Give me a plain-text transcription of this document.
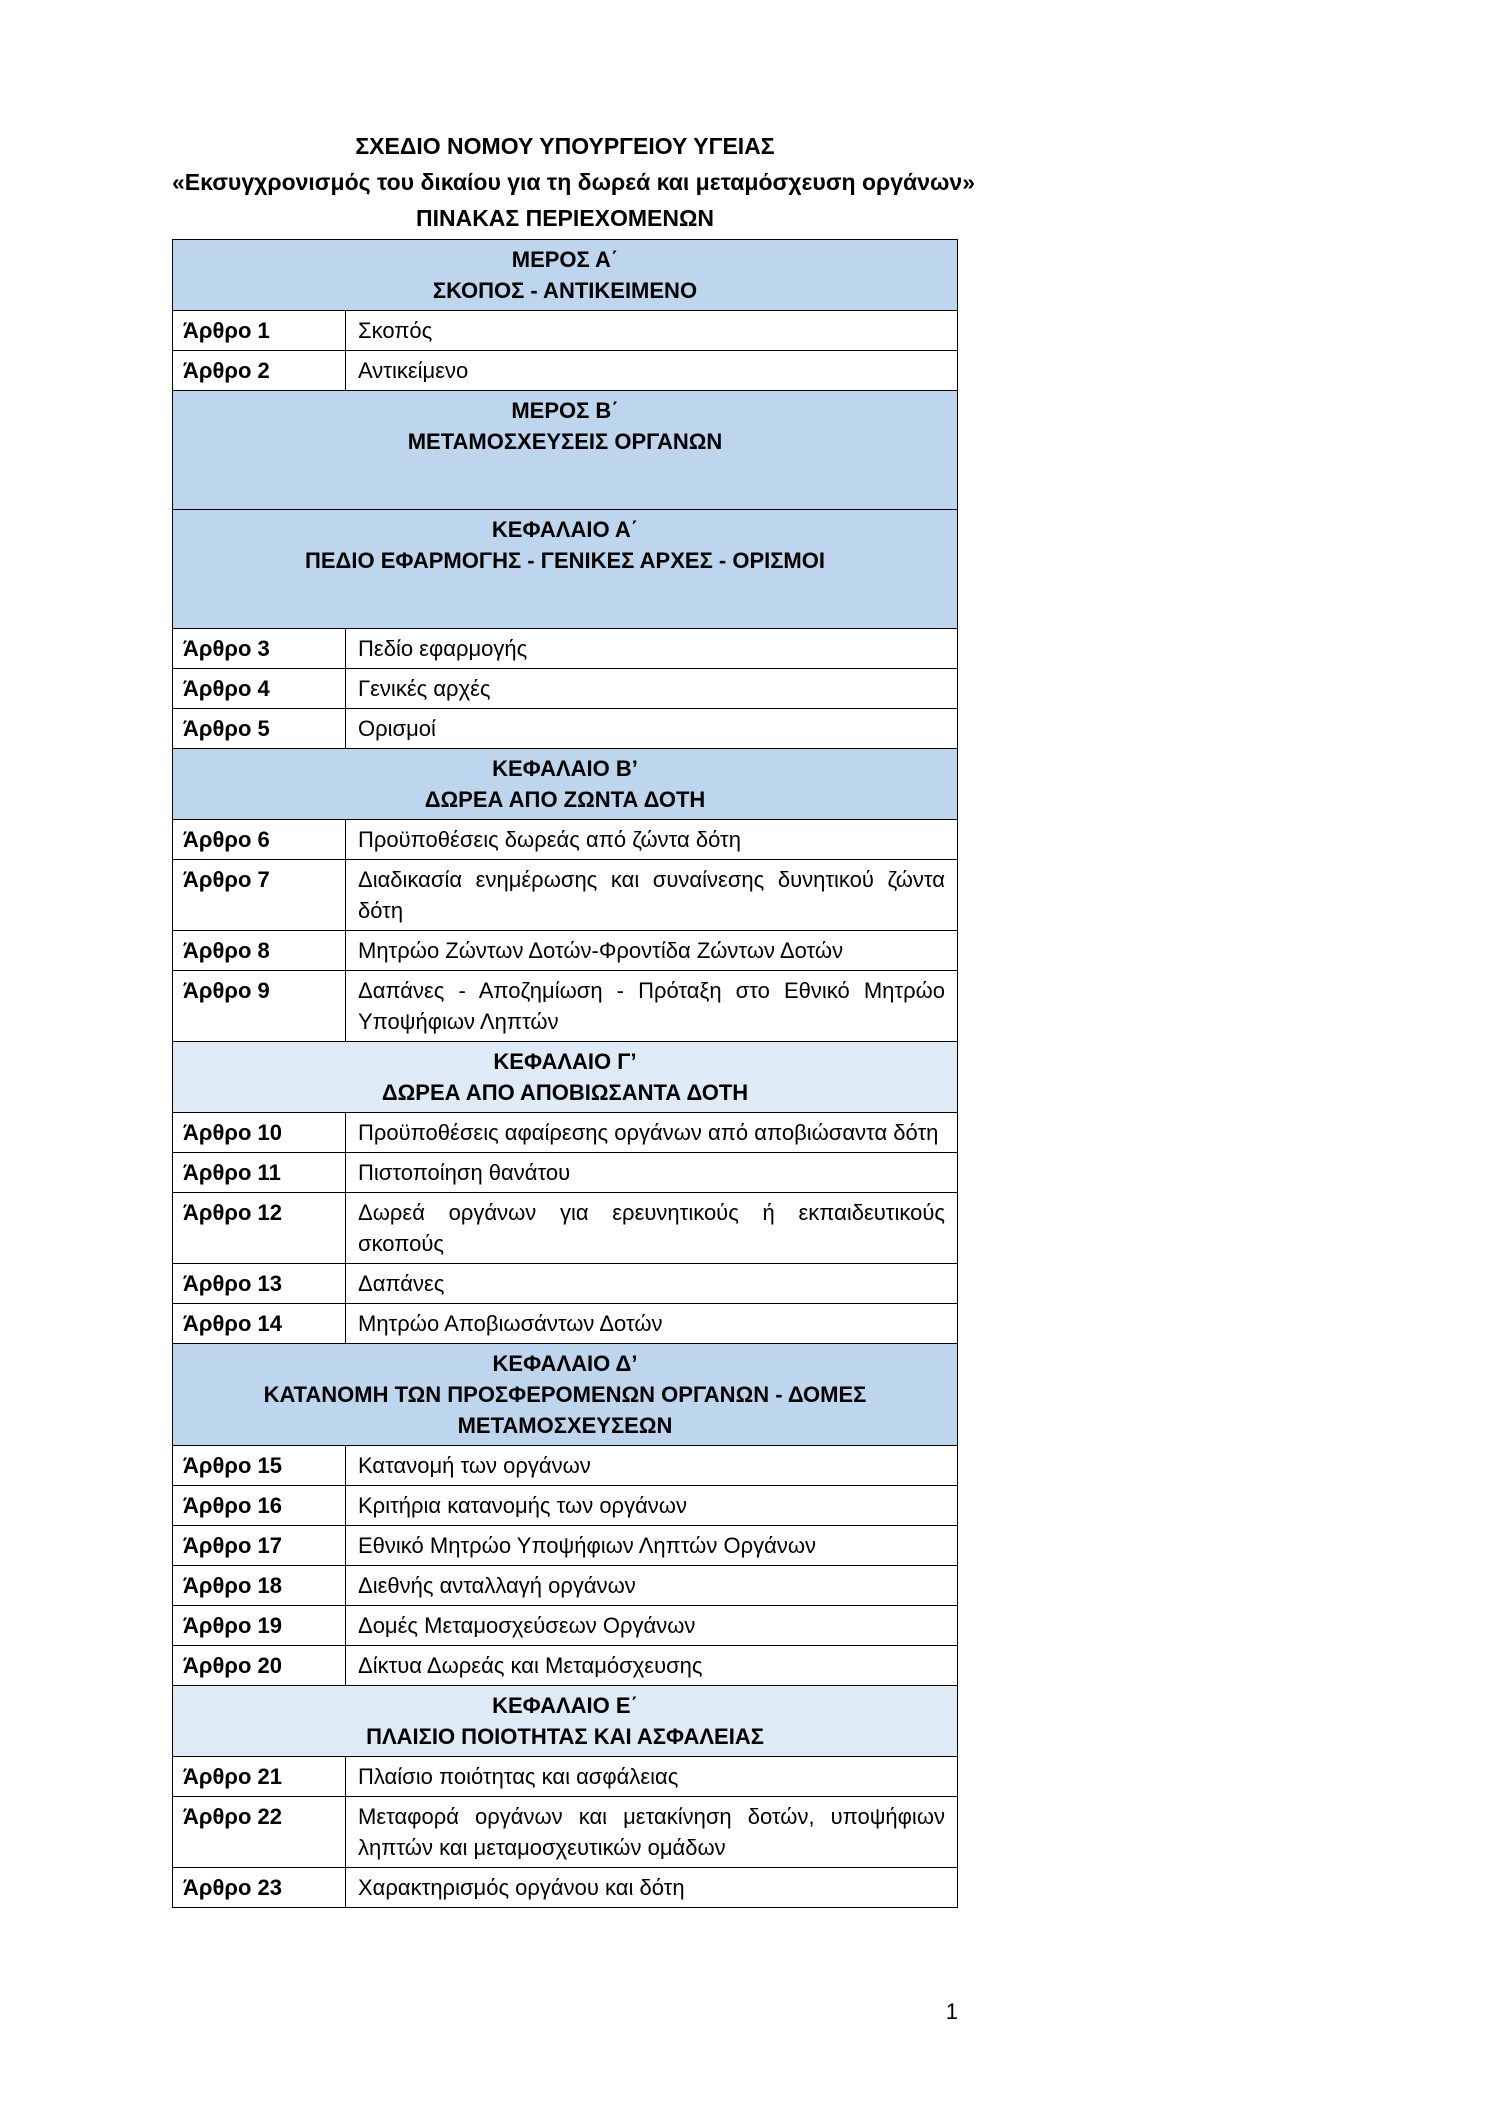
ΣΧΕΔΙΟ ΝΟΜΟΥ ΥΠΟΥΡΓΕΙΟΥ ΥΓΕΙΑΣ
«Εκσυγχρονισμός του δικαίου για τη δωρεά και μεταμόσχευση οργάνων»
ΠΙΝΑΚΑΣ ΠΕΡΙΕΧΟΜΕΝΩΝ
ΜΕΡΟΣ Α΄
ΣΚΟΠΟΣ - ΑΝΤΙΚΕΙΜΕΝΟ
Άρθρο 1	Σκοπός
Άρθρο 2	Αντικείμενο
ΜΕΡΟΣ Β΄
ΜΕΤΑΜΟΣΧΕΥΣΕΙΣ ΟΡΓΑΝΩΝ
ΚΕΦΑΛΑΙΟ Α΄
ΠΕΔΙΟ ΕΦΑΡΜΟΓΗΣ - ΓΕΝΙΚΕΣ ΑΡΧΕΣ - ΟΡΙΣΜΟΙ
Άρθρο 3	Πεδίο εφαρμογής
Άρθρο 4	Γενικές αρχές
Άρθρο 5	Ορισμοί
ΚΕΦΑΛΑΙΟ Β’
ΔΩΡΕΑ ΑΠΟ ΖΩΝΤΑ ΔΟΤΗ
Άρθρο 6	Προϋποθέσεις δωρεάς από ζώντα δότη
Άρθρο 7	Διαδικασία ενημέρωσης και συναίνεσης δυνητικού ζώντα δότη
Άρθρο 8	Μητρώο Ζώντων Δοτών-Φροντίδα Ζώντων Δοτών
Άρθρο 9	Δαπάνες - Αποζημίωση - Πρόταξη στο Εθνικό Μητρώο Υποψήφιων Ληπτών
ΚΕΦΑΛΑΙΟ Γ’
ΔΩΡΕΑ ΑΠΟ ΑΠΟΒΙΩΣΑΝΤΑ ΔΟΤΗ
Άρθρο 10	Προϋποθέσεις αφαίρεσης οργάνων από αποβιώσαντα δότη
Άρθρο 11	Πιστοποίηση θανάτου
Άρθρο 12	Δωρεά οργάνων για ερευνητικούς ή εκπαιδευτικούς σκοπούς
Άρθρο 13	Δαπάνες
Άρθρο 14	Μητρώο Αποβιωσάντων Δοτών
ΚΕΦΑΛΑΙΟ Δ’
ΚΑΤΑΝΟΜΗ ΤΩΝ ΠΡΟΣΦΕΡΟΜΕΝΩΝ ΟΡΓΑΝΩΝ - ΔΟΜΕΣ ΜΕΤΑΜΟΣΧΕΥΣΕΩΝ
Άρθρο 15	Κατανομή των οργάνων
Άρθρο 16	Κριτήρια κατανομής των οργάνων
Άρθρο 17	Εθνικό Μητρώο Υποψήφιων Ληπτών Οργάνων
Άρθρο 18	Διεθνής ανταλλαγή οργάνων
Άρθρο 19	Δομές Μεταμοσχεύσεων Οργάνων
Άρθρο 20	Δίκτυα Δωρεάς και Μεταμόσχευσης
ΚΕΦΑΛΑΙΟ Ε΄
ΠΛΑΙΣΙΟ ΠΟΙΟΤΗΤΑΣ ΚΑΙ ΑΣΦΑΛΕΙΑΣ
Άρθρο 21	Πλαίσιο ποιότητας και ασφάλειας
Άρθρο 22	Μεταφορά οργάνων και μετακίνηση δοτών, υποψήφιων ληπτών και μεταμοσχευτικών ομάδων
Άρθρο 23	Χαρακτηρισμός οργάνου και δότη
1
